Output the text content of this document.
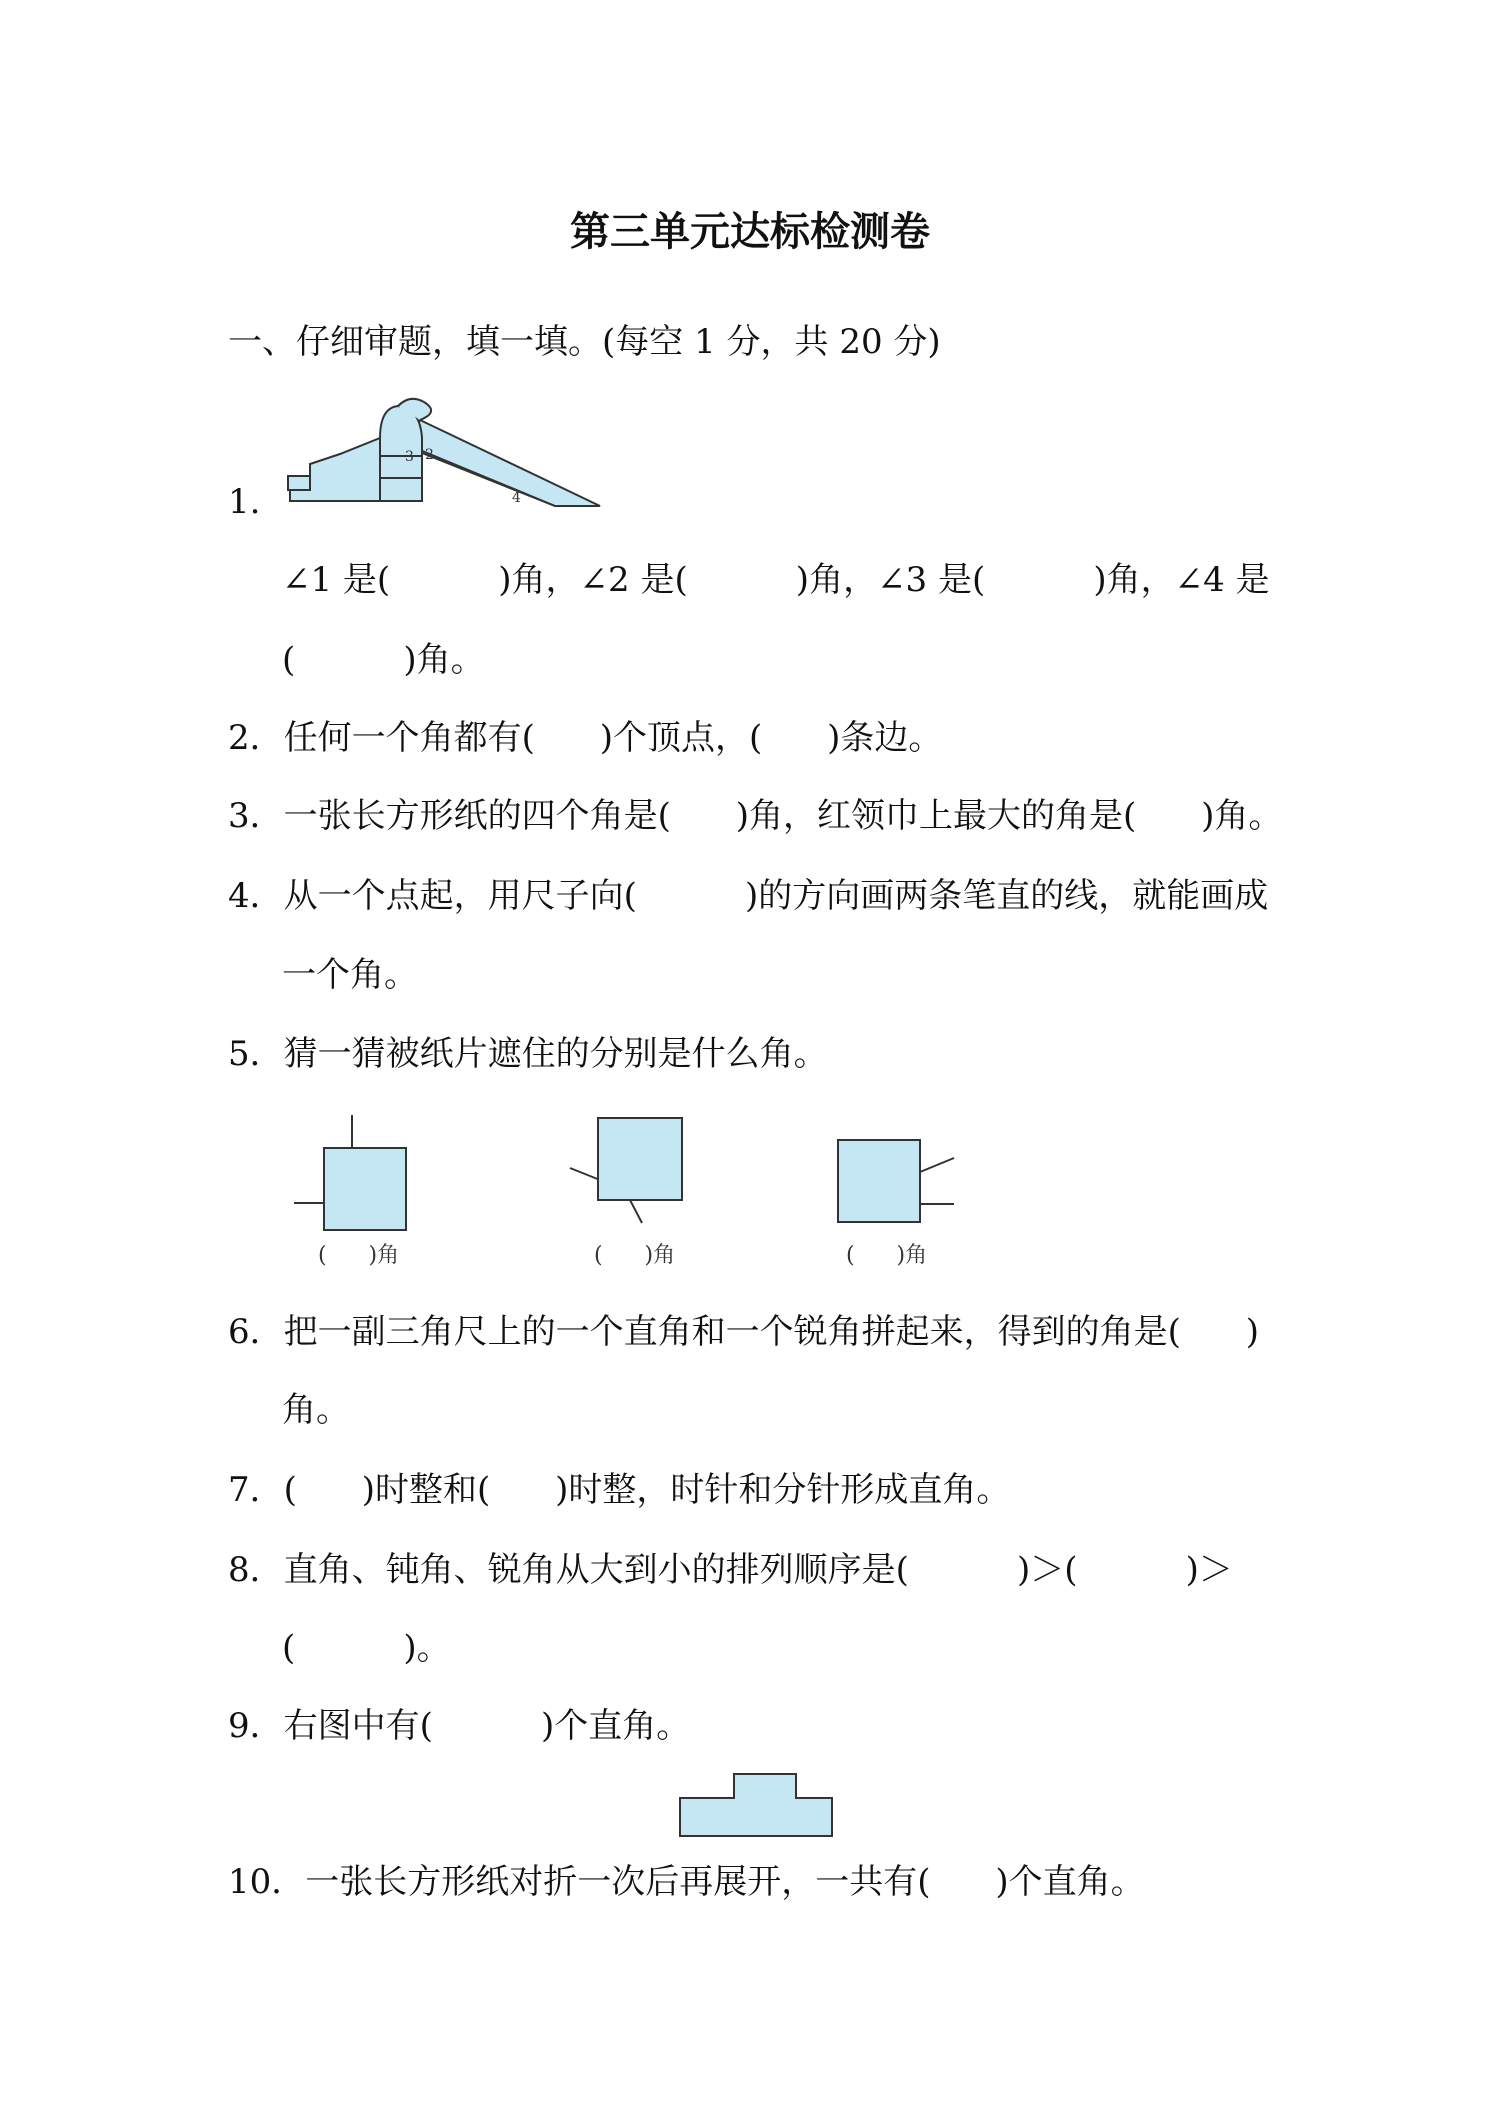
第三单元达标检测卷
一、仔细审题，填一填。(每空 1 分，共 20 分)
1.
3 2
4
∠1 是(          )角，∠2 是(          )角，∠3 是(          )角，∠4 是
(          )角。
2．任何一个角都有(      )个顶点，(      )条边。
3．一张长方形纸的四个角是(      )角，红领巾上最大的角是(      )角。
4．从一个点起，用尺子向(          )的方向画两条笔直的线，就能画成
一个角。
5．猜一猜被纸片遮住的分别是什么角。
(      )角	(      )角	(      )角
6．把一副三角尺上的一个直角和一个锐角拼起来，得到的角是(      )
角。
7．(      )时整和(      )时整，时针和分针形成直角。
8．直角、钝角、锐角从大到小的排列顺序是(          )＞(          )＞
(          )。
9．右图中有(          )个直角。
10．一张长方形纸对折一次后再展开，一共有(      )个直角。
